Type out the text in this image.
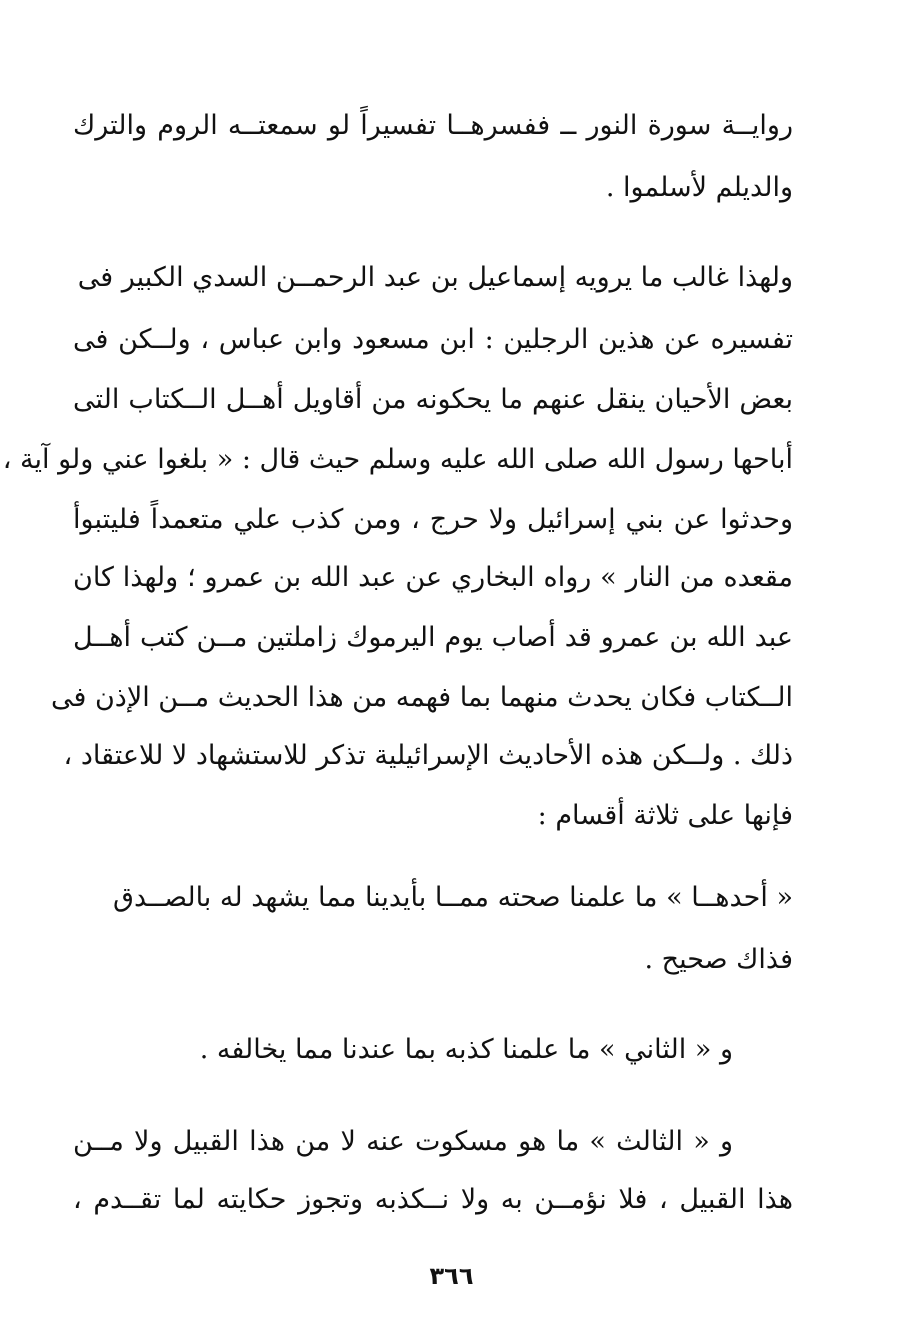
روايــة سورة النور ــ ففسرهــا تفسيراً لو سمعتــه الروم والترك
والديلم لأسلموا .
ولهذا غالب ما يرويه إسماعيل بن عبد الرحمــن السدي الكبير فى
تفسيره عن هذين الرجلين : ابن مسعود وابن عباس ، ولــكن فى
بعض الأحيان ينقل عنهم ما يحكونه من أقاويل أهــل الــكتاب التى
أباحها رسول الله صلى الله عليه وسلم حيث قال : « بلغوا عني ولو آية ،
وحدثوا عن بني إسرائيل ولا حرج ، ومن كذب علي متعمداً فليتبوأ
مقعده من النار » رواه البخاري عن عبد الله بن عمرو ؛ ولهذا كان
عبد الله بن عمرو قد أصاب يوم اليرموك زاملتين مــن كتب أهــل
الــكتاب فكان يحدث منهما بما فهمه من هذا الحديث مــن الإذن فى
ذلك . ولــكن هذه الأحاديث الإسرائيلية تذكر للاستشهاد لا للاعتقاد ،
فإنها على ثلاثة أقسام :
« أحدهــا » ما علمنا صحته ممــا بأيدينا مما يشهد له بالصــدق
فذاك صحيح .
و « الثاني » ما علمنا كذبه بما عندنا مما يخالفه .
و « الثالث » ما هو مسكوت عنه لا من هذا القبيل ولا مــن
هذا القبيل ، فلا نؤمــن به ولا نــكذبه وتجوز حكايته لما تقــدم ،
٣٦٦
